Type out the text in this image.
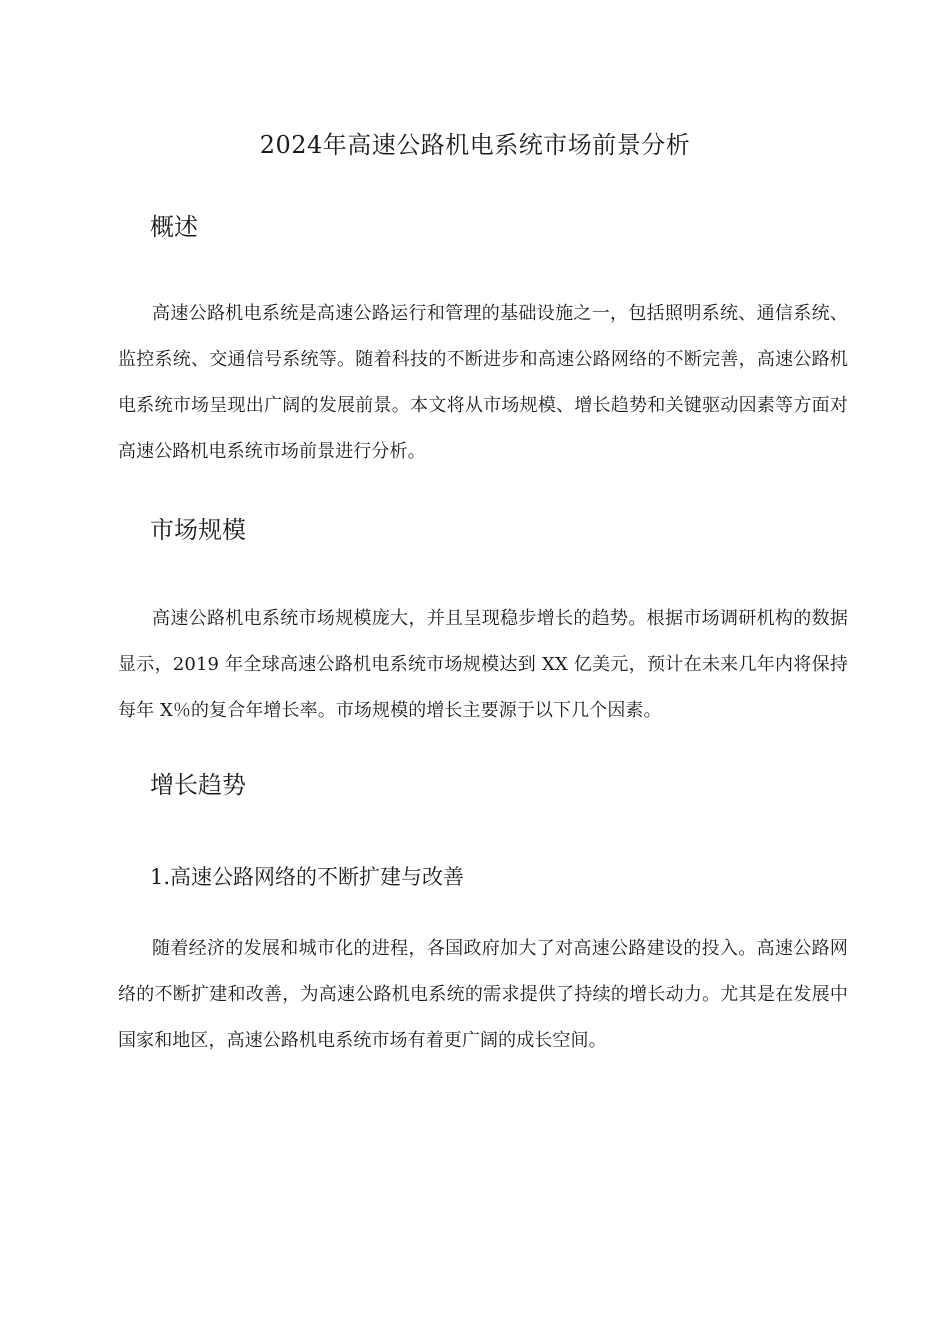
2024年高速公路机电系统市场前景分析
概述

高速公路机电系统是高速公路运行和管理的基础设施之一，包括照明系统、通信系统、监控系统、交通信号系统等。随着科技的不断进步和高速公路网络的不断完善，高速公路机电系统市场呈现出广阔的发展前景。本文将从市场规模、增长趋势和关键驱动因素等方面对高速公路机电系统市场前景进行分析。

市场规模

高速公路机电系统市场规模庞大，并且呈现稳步增长的趋势。根据市场调研机构的数据显示，2019 年全球高速公路机电系统市场规模达到 XX 亿美元，预计在未来几年内将保持每年 X％的复合年增长率。市场规模的增长主要源于以下几个因素。

增长趋势
1.高速公路网络的不断扩建与改善

随着经济的发展和城市化的进程，各国政府加大了对高速公路建设的投入。高速公路网络的不断扩建和改善，为高速公路机电系统的需求提供了持续的增长动力。尤其是在发展中国家和地区，高速公路机电系统市场有着更广阔的成长空间。
